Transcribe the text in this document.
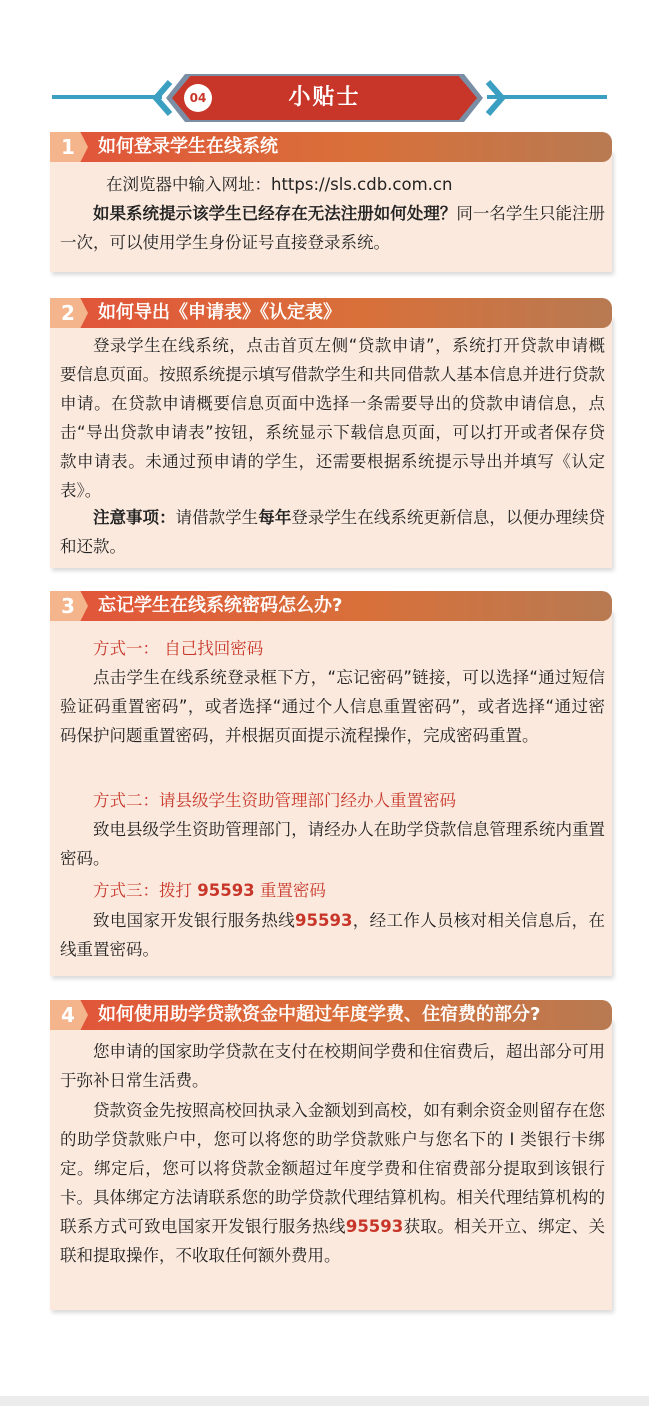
04	小贴士
1 如何登录学生在线系统

在浏览器中输入网址：https://sls.cdb.com.cn

如果系统提示该学生已经存在无法注册如何处理？同一名学生只能注册一次，可以使用学生身份证号直接登录系统。

2 如何导出《申请表》《认定表》

登录学生在线系统，点击首页左侧“贷款申请”，系统打开贷款申请概要信息页面。按照系统提示填写借款学生和共同借款人基本信息并进行贷款申请。在贷款申请概要信息页面中选择一条需要导出的贷款申请信息，点击“导出贷款申请表”按钮，系统显示下载信息页面，可以打开或者保存贷款申请表。未通过预申请的学生，还需要根据系统提示导出并填写《认定表》。

注意事项：请借款学生每年登录学生在线系统更新信息，以便办理续贷和还款。

3 忘记学生在线系统密码怎么办?

方式一： 自己找回密码

点击学生在线系统登录框下方，“忘记密码”链接，可以选择“通过短信验证码重置密码”，或者选择“通过个人信息重置密码”，或者选择“通过密码保护问题重置密码，并根据页面提示流程操作，完成密码重置。

方式二：请县级学生资助管理部门经办人重置密码

致电县级学生资助管理部门，请经办人在助学贷款信息管理系统内重置密码。

方式三：拨打 95593 重置密码

致电国家开发银行服务热线95593，经工作人员核对相关信息后，在线重置密码。

4 如何使用助学贷款资金中超过年度学费、住宿费的部分?

您申请的国家助学贷款在支付在校期间学费和住宿费后，超出部分可用于弥补日常生活费。

贷款资金先按照高校回执录入金额划到高校，如有剩余资金则留存在您的助学贷款账户中，您可以将您的助学贷款账户与您名下的 I 类银行卡绑定。绑定后，您可以将贷款金额超过年度学费和住宿费部分提取到该银行卡。具体绑定方法请联系您的助学贷款代理结算机构。相关代理结算机构的联系方式可致电国家开发银行服务热线95593获取。相关开立、绑定、关联和提取操作，不收取任何额外费用。
